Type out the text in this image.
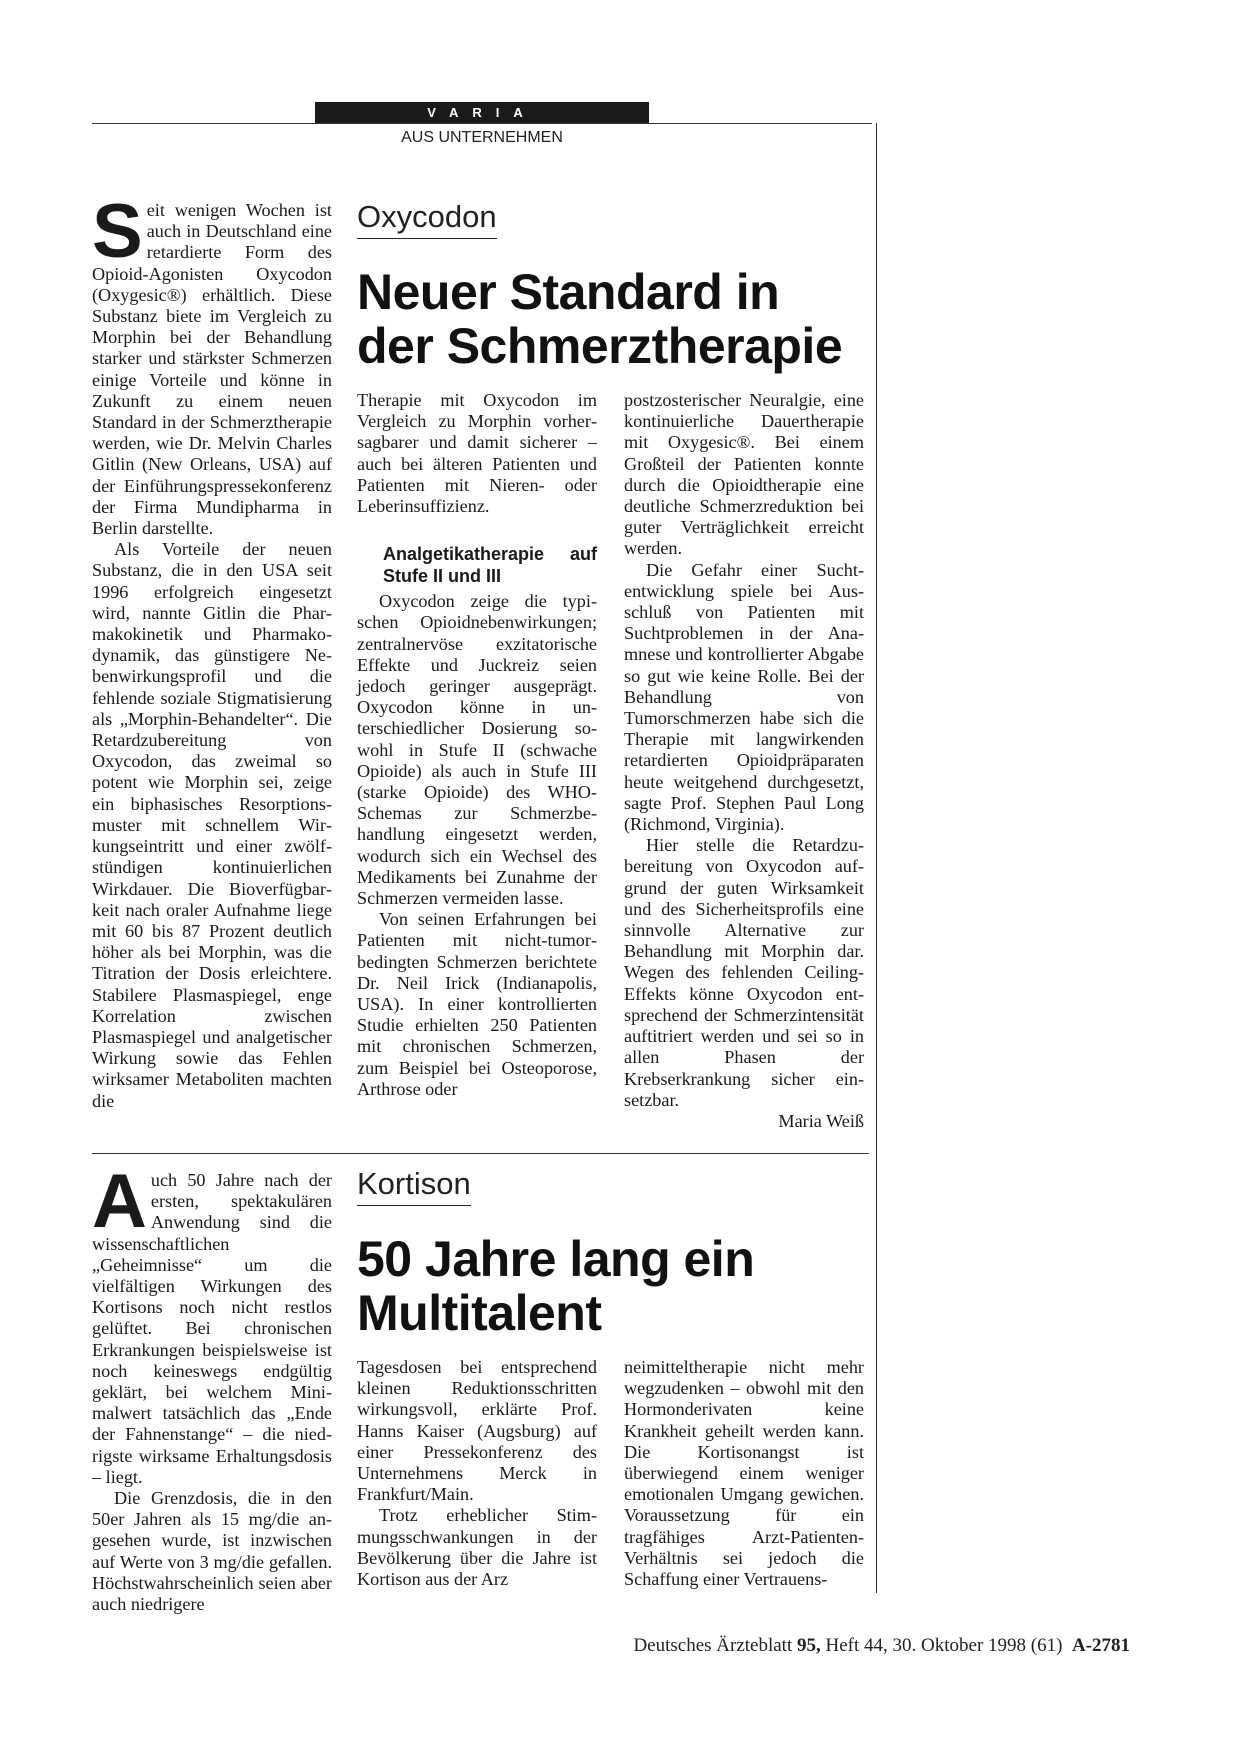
VARIA
AUS UNTERNEHMEN

Seit wenigen Wochen ist auch in Deutschland eine retardierte Form des Opioid-Agonisten Oxycodon (Oxygesic®) erhältlich. Diese Substanz biete im Vergleich zu Morphin bei der Behandlung starker und stärkster Schmerzen einige Vorteile und könne in Zukunft zu einem neuen Standard in der Schmerztherapie werden, wie Dr. Melvin Charles Gitlin (New Orleans, USA) auf der Einführungspressekonferenz der Firma Mundipharma in Berlin darstellte.

Als Vorteile der neuen Substanz, die in den USA seit 1996 erfolgreich eingesetzt wird, nannte Gitlin die Pharmakokinetik und Pharmakodynamik, das günstigere Nebenwirkungsprofil und die fehlende soziale Stigmatisierung als „Morphin-Behandelter“. Die Retardzubereitung von Oxycodon, das zweimal so potent wie Morphin sei, zeige ein biphasisches Resorptionsmuster mit schnellem Wirkungseintritt und einer zwölfstündigen kontinuierlichen Wirkdauer. Die Bioverfügbarkeit nach oraler Aufnahme liege mit 60 bis 87 Prozent deutlich höher als bei Morphin, was die Titration der Dosis erleichtere. Stabilere Plasmaspiegel, enge Korrelation zwischen Plasmaspiegel und analgetischer Wirkung sowie das Fehlen wirksamer Metaboliten machten die

Oxycodon
Neuer Standard in
der Schmerztherapie

Therapie mit Oxycodon im Vergleich zu Morphin vorhersagbarer und damit sicherer – auch bei älteren Patienten und Patienten mit Nieren- oder Leberinsuffizienz.

Analgetikatherapie auf Stufe II und III

Oxycodon zeige die typischen Opioidnebenwirkungen; zentralnervöse exzitatorische Effekte und Juckreiz seien jedoch geringer ausgeprägt. Oxycodon könne in unterschiedlicher Dosierung sowohl in Stufe II (schwache Opioide) als auch in Stufe III (starke Opioide) des WHO-Schemas zur Schmerzbehandlung eingesetzt werden, wodurch sich ein Wechsel des Medikaments bei Zunahme der Schmerzen vermeiden lasse.

Von seinen Erfahrungen bei Patienten mit nicht-tumorbedingten Schmerzen berichtete Dr. Neil Irick (Indianapolis, USA). In einer kontrollierten Studie erhielten 250 Patienten mit chronischen Schmerzen, zum Beispiel bei Osteoporose, Arthrose oder

postzosterischer Neuralgie, eine kontinuierliche Dauertherapie mit Oxygesic®. Bei einem Großteil der Patienten konnte durch die Opioidtherapie eine deutliche Schmerzreduktion bei guter Verträglichkeit erreicht werden.

Die Gefahr einer Suchtentwicklung spiele bei Ausschluß von Patienten mit Suchtproblemen in der Anamnese und kontrollierter Abgabe so gut wie keine Rolle. Bei der Behandlung von Tumorschmerzen habe sich die Therapie mit langwirkenden retardierten Opioidpräparaten heute weitgehend durchgesetzt, sagte Prof. Stephen Paul Long (Richmond, Virginia).

Hier stelle die Retardzubereitung von Oxycodon aufgrund der guten Wirksamkeit und des Sicherheitsprofils eine sinnvolle Alternative zur Behandlung mit Morphin dar. Wegen des fehlenden Ceiling-Effekts könne Oxycodon entsprechend der Schmerzintensität auftitriert werden und sei so in allen Phasen der Krebserkrankung sicher einsetzbar.

Maria Weiß

Auch 50 Jahre nach der ersten, spektakulären Anwendung sind die wissenschaftlichen „Geheimnisse“ um die vielfältigen Wirkungen des Kortisons noch nicht restlos gelüftet. Bei chronischen Erkrankungen beispielsweise ist noch keineswegs endgültig geklärt, bei welchem Minimalwert tatsächlich das „Ende der Fahnenstange“ – die niedrigste wirksame Erhaltungsdosis – liegt.

Die Grenzdosis, die in den 50er Jahren als 15 mg/die angesehen wurde, ist inzwischen auf Werte von 3 mg/die gefallen. Höchstwahrscheinlich seien aber auch niedrigere

Kortison
50 Jahre lang ein
Multitalent

Tagesdosen bei entsprechend kleinen Reduktionsschritten wirkungsvoll, erklärte Prof. Hanns Kaiser (Augsburg) auf einer Pressekonferenz des Unternehmens Merck in Frankfurt/Main.

Trotz erheblicher Stimmungsschwankungen in der Bevölkerung über die Jahre ist Kortison aus der Arz

neimitteltherapie nicht mehr wegzudenken – obwohl mit den Hormonderivaten keine Krankheit geheilt werden kann. Die Kortisonangst ist überwiegend einem weniger emotionalen Umgang gewichen. Voraussetzung für ein tragfähiges Arzt-Patienten-Verhältnis sei jedoch die Schaffung einer Vertrauens-

Deutsches Ärzteblatt 95, Heft 44, 30. Oktober 1998 (61) A-2781
